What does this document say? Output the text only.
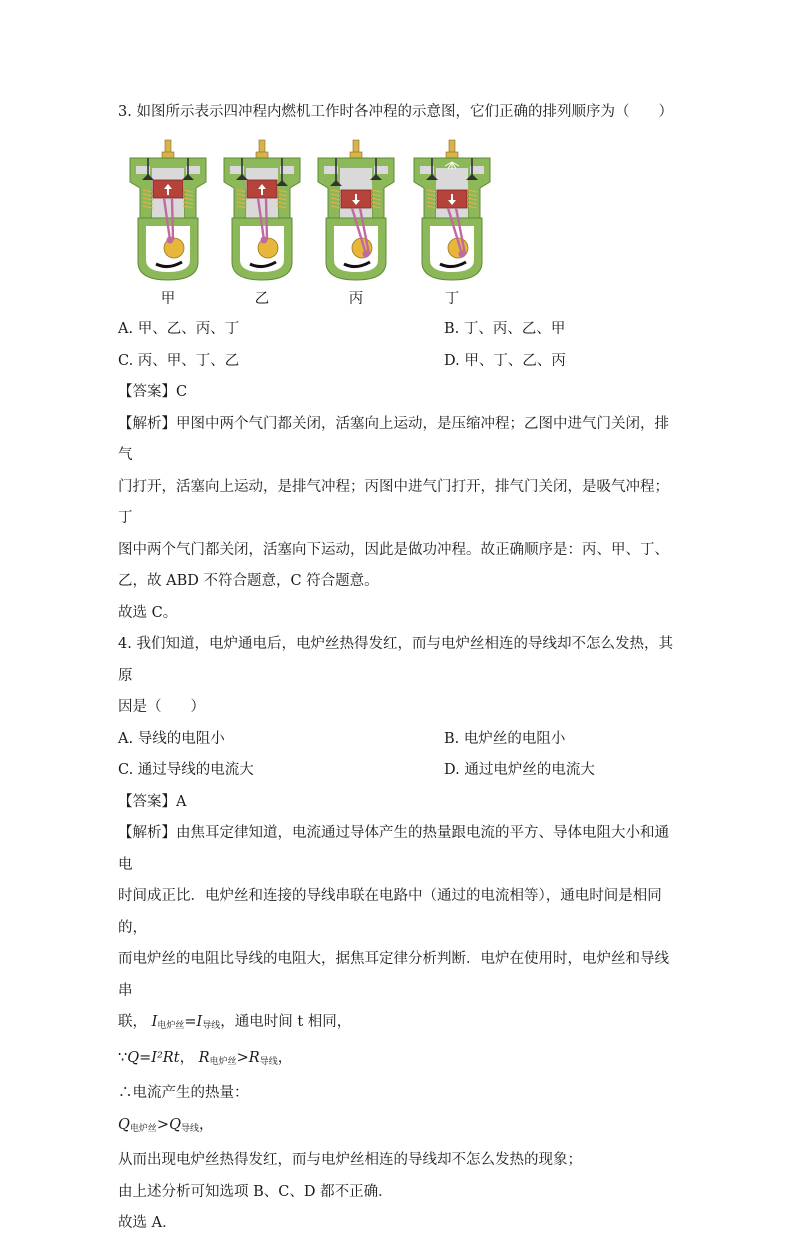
3. 如图所示表示四冲程内燃机工作时各冲程的示意图，它们正确的排列顺序为（　　）
甲	乙	丙	丁
A. 甲、乙、丙、丁	B. 丁、丙、乙、甲
C. 丙、甲、丁、乙	D. 甲、丁、乙、丙
【答案】C
【解析】甲图中两个气门都关闭，活塞向上运动，是压缩冲程；乙图中进气门关闭，排气
门打开，活塞向上运动，是排气冲程；丙图中进气门打开，排气门关闭，是吸气冲程；丁
图中两个气门都关闭，活塞向下运动，因此是做功冲程。故正确顺序是：丙、甲、丁、
乙，故 ABD 不符合题意，C 符合题意。
故选 C。
4. 我们知道，电炉通电后，电炉丝热得发红，而与电炉丝相连的导线却不怎么发热，其原
因是（　　）
A. 导线的电阻小	B. 电炉丝的电阻小
C. 通过导线的电流大	D. 通过电炉丝的电流大
【答案】A
【解析】由焦耳定律知道，电流通过导体产生的热量跟电流的平方、导体电阻大小和通电
时间成正比．电炉丝和连接的导线串联在电路中（通过的电流相等），通电时间是相同的，
而电炉丝的电阻比导线的电阻大，据焦耳定律分析判断．电炉在使用时，电炉丝和导线串
联， $I_{电炉丝}=I_{导线}$，通电时间 t 相同，
∵Q=I²Rt， $R_{电炉丝}>R_{导线}$，
∴电流产生的热量：
$Q_{电炉丝}>Q_{导线}$，
从而出现电炉丝热得发红，而与电炉丝相连的导线却不怎么发热的现象；
由上述分析可知选项 B、C、D 都不正确．
故选 A．
